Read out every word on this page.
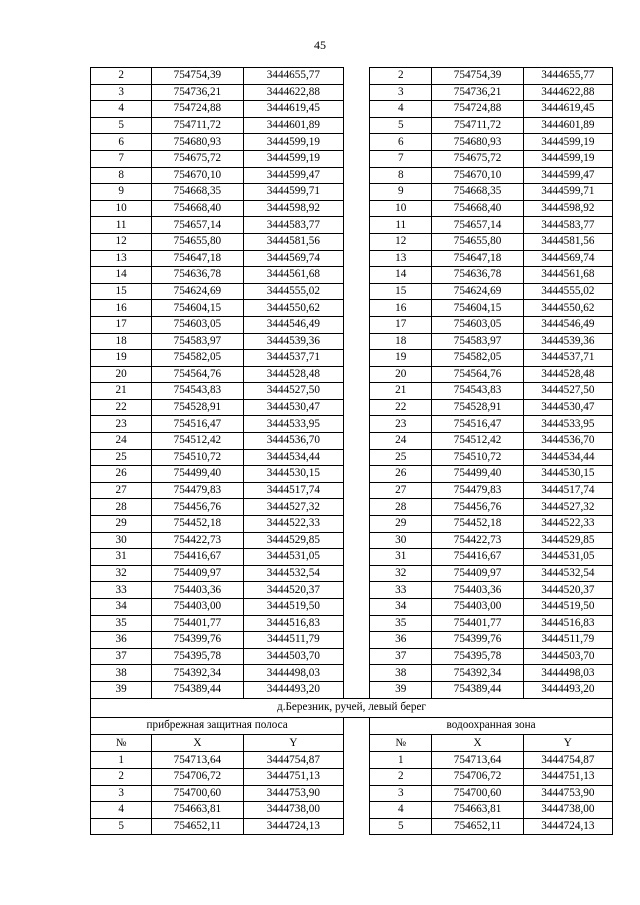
45
2	754754,39	3444655,77		2	754754,39	3444655,77
3	754736,21	3444622,88		3	754736,21	3444622,88
4	754724,88	3444619,45		4	754724,88	3444619,45
5	754711,72	3444601,89		5	754711,72	3444601,89
6	754680,93	3444599,19		6	754680,93	3444599,19
7	754675,72	3444599,19		7	754675,72	3444599,19
8	754670,10	3444599,47		8	754670,10	3444599,47
9	754668,35	3444599,71		9	754668,35	3444599,71
10	754668,40	3444598,92		10	754668,40	3444598,92
11	754657,14	3444583,77		11	754657,14	3444583,77
12	754655,80	3444581,56		12	754655,80	3444581,56
13	754647,18	3444569,74		13	754647,18	3444569,74
14	754636,78	3444561,68		14	754636,78	3444561,68
15	754624,69	3444555,02		15	754624,69	3444555,02
16	754604,15	3444550,62		16	754604,15	3444550,62
17	754603,05	3444546,49		17	754603,05	3444546,49
18	754583,97	3444539,36		18	754583,97	3444539,36
19	754582,05	3444537,71		19	754582,05	3444537,71
20	754564,76	3444528,48		20	754564,76	3444528,48
21	754543,83	3444527,50		21	754543,83	3444527,50
22	754528,91	3444530,47		22	754528,91	3444530,47
23	754516,47	3444533,95		23	754516,47	3444533,95
24	754512,42	3444536,70		24	754512,42	3444536,70
25	754510,72	3444534,44		25	754510,72	3444534,44
26	754499,40	3444530,15		26	754499,40	3444530,15
27	754479,83	3444517,74		27	754479,83	3444517,74
28	754456,76	3444527,32		28	754456,76	3444527,32
29	754452,18	3444522,33		29	754452,18	3444522,33
30	754422,73	3444529,85		30	754422,73	3444529,85
31	754416,67	3444531,05		31	754416,67	3444531,05
32	754409,97	3444532,54		32	754409,97	3444532,54
33	754403,36	3444520,37		33	754403,36	3444520,37
34	754403,00	3444519,50		34	754403,00	3444519,50
35	754401,77	3444516,83		35	754401,77	3444516,83
36	754399,76	3444511,79		36	754399,76	3444511,79
37	754395,78	3444503,70		37	754395,78	3444503,70
38	754392,34	3444498,03		38	754392,34	3444498,03
39	754389,44	3444493,20		39	754389,44	3444493,20
д.Березник, ручей, левый берег						
прибрежная защитная полоса				водоохранная зона		
№	X	Y		№	X	Y
1	754713,64	3444754,87		1	754713,64	3444754,87
2	754706,72	3444751,13		2	754706,72	3444751,13
3	754700,60	3444753,90		3	754700,60	3444753,90
4	754663,81	3444738,00		4	754663,81	3444738,00
5	754652,11	3444724,13		5	754652,11	3444724,13
